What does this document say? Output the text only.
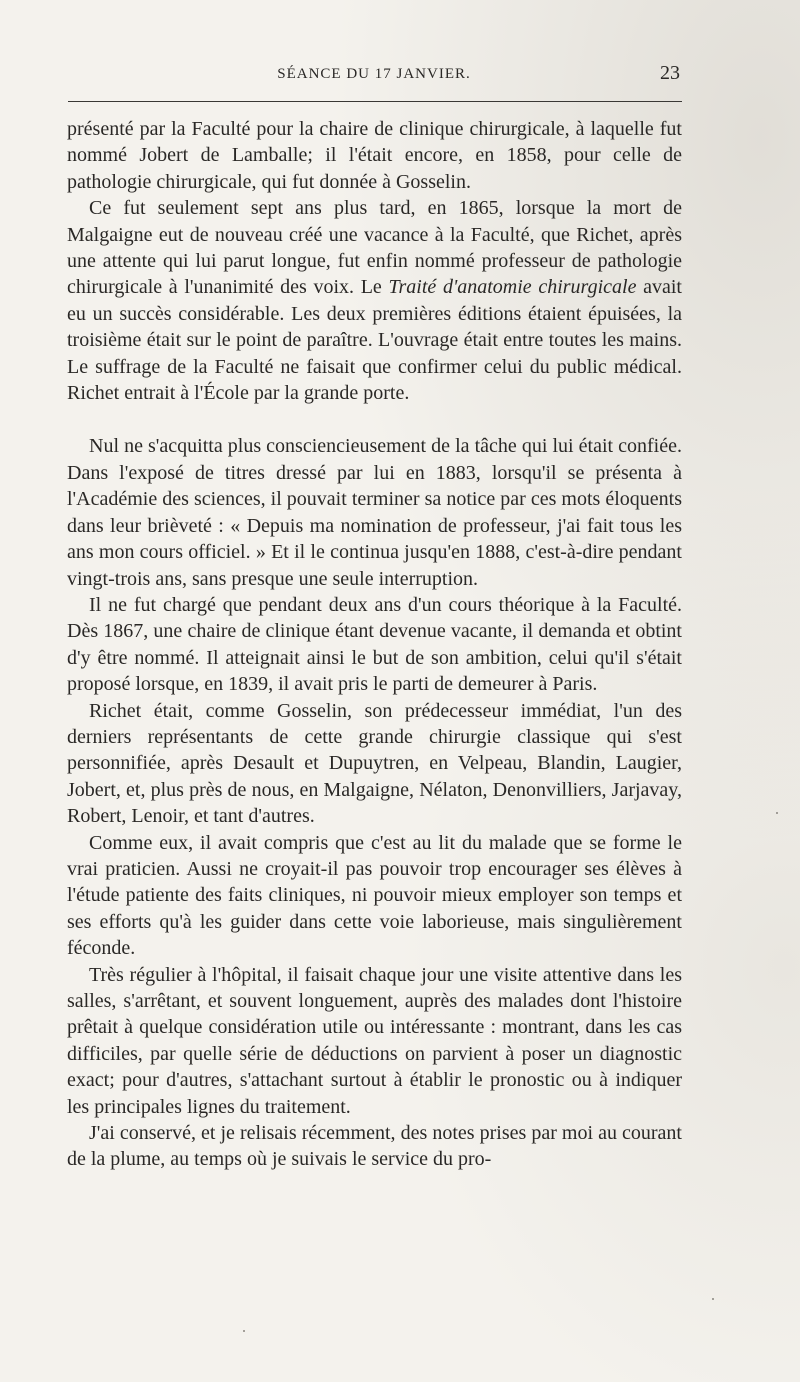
SÉANCE DU 17 JANVIER.	23

présenté par la Faculté pour la chaire de clinique chirurgicale, à laquelle fut nommé Jobert de Lamballe; il l'était encore, en 1858, pour celle de pathologie chirurgicale, qui fut donnée à Gosselin.

Ce fut seulement sept ans plus tard, en 1865, lorsque la mort de Malgaigne eut de nouveau créé une vacance à la Faculté, que Richet, après une attente qui lui parut longue, fut enfin nommé professeur de pathologie chirurgicale à l'unanimité des voix. Le Traité d'anatomie chirurgicale avait eu un succès considérable. Les deux premières éditions étaient épuisées, la troisième était sur le point de paraître. L'ouvrage était entre toutes les mains. Le suffrage de la Faculté ne faisait que confirmer celui du public médical. Richet entrait à l'École par la grande porte.

Nul ne s'acquitta plus consciencieusement de la tâche qui lui était confiée. Dans l'exposé de titres dressé par lui en 1883, lorsqu'il se présenta à l'Académie des sciences, il pouvait terminer sa notice par ces mots éloquents dans leur brièveté : « Depuis ma nomination de professeur, j'ai fait tous les ans mon cours officiel. » Et il le continua jusqu'en 1888, c'est-à-dire pendant vingt-trois ans, sans presque une seule interruption.

Il ne fut chargé que pendant deux ans d'un cours théorique à la Faculté. Dès 1867, une chaire de clinique étant devenue vacante, il demanda et obtint d'y être nommé. Il atteignait ainsi le but de son ambition, celui qu'il s'était proposé lorsque, en 1839, il avait pris le parti de demeurer à Paris.

Richet était, comme Gosselin, son prédecesseur immédiat, l'un des derniers représentants de cette grande chirurgie classique qui s'est personnifiée, après Desault et Dupuytren, en Velpeau, Blandin, Laugier, Jobert, et, plus près de nous, en Malgaigne, Nélaton, Denonvilliers, Jarjavay, Robert, Lenoir, et tant d'autres.

Comme eux, il avait compris que c'est au lit du malade que se forme le vrai praticien. Aussi ne croyait-il pas pouvoir trop encourager ses élèves à l'étude patiente des faits cliniques, ni pouvoir mieux employer son temps et ses efforts qu'à les guider dans cette voie laborieuse, mais singulièrement féconde.

Très régulier à l'hôpital, il faisait chaque jour une visite attentive dans les salles, s'arrêtant, et souvent longuement, auprès des malades dont l'histoire prêtait à quelque considération utile ou intéressante : montrant, dans les cas difficiles, par quelle série de déductions on parvient à poser un diagnostic exact; pour d'autres, s'attachant surtout à établir le pronostic ou à indiquer les principales lignes du traitement.

J'ai conservé, et je relisais récemment, des notes prises par moi au courant de la plume, au temps où je suivais le service du pro-
